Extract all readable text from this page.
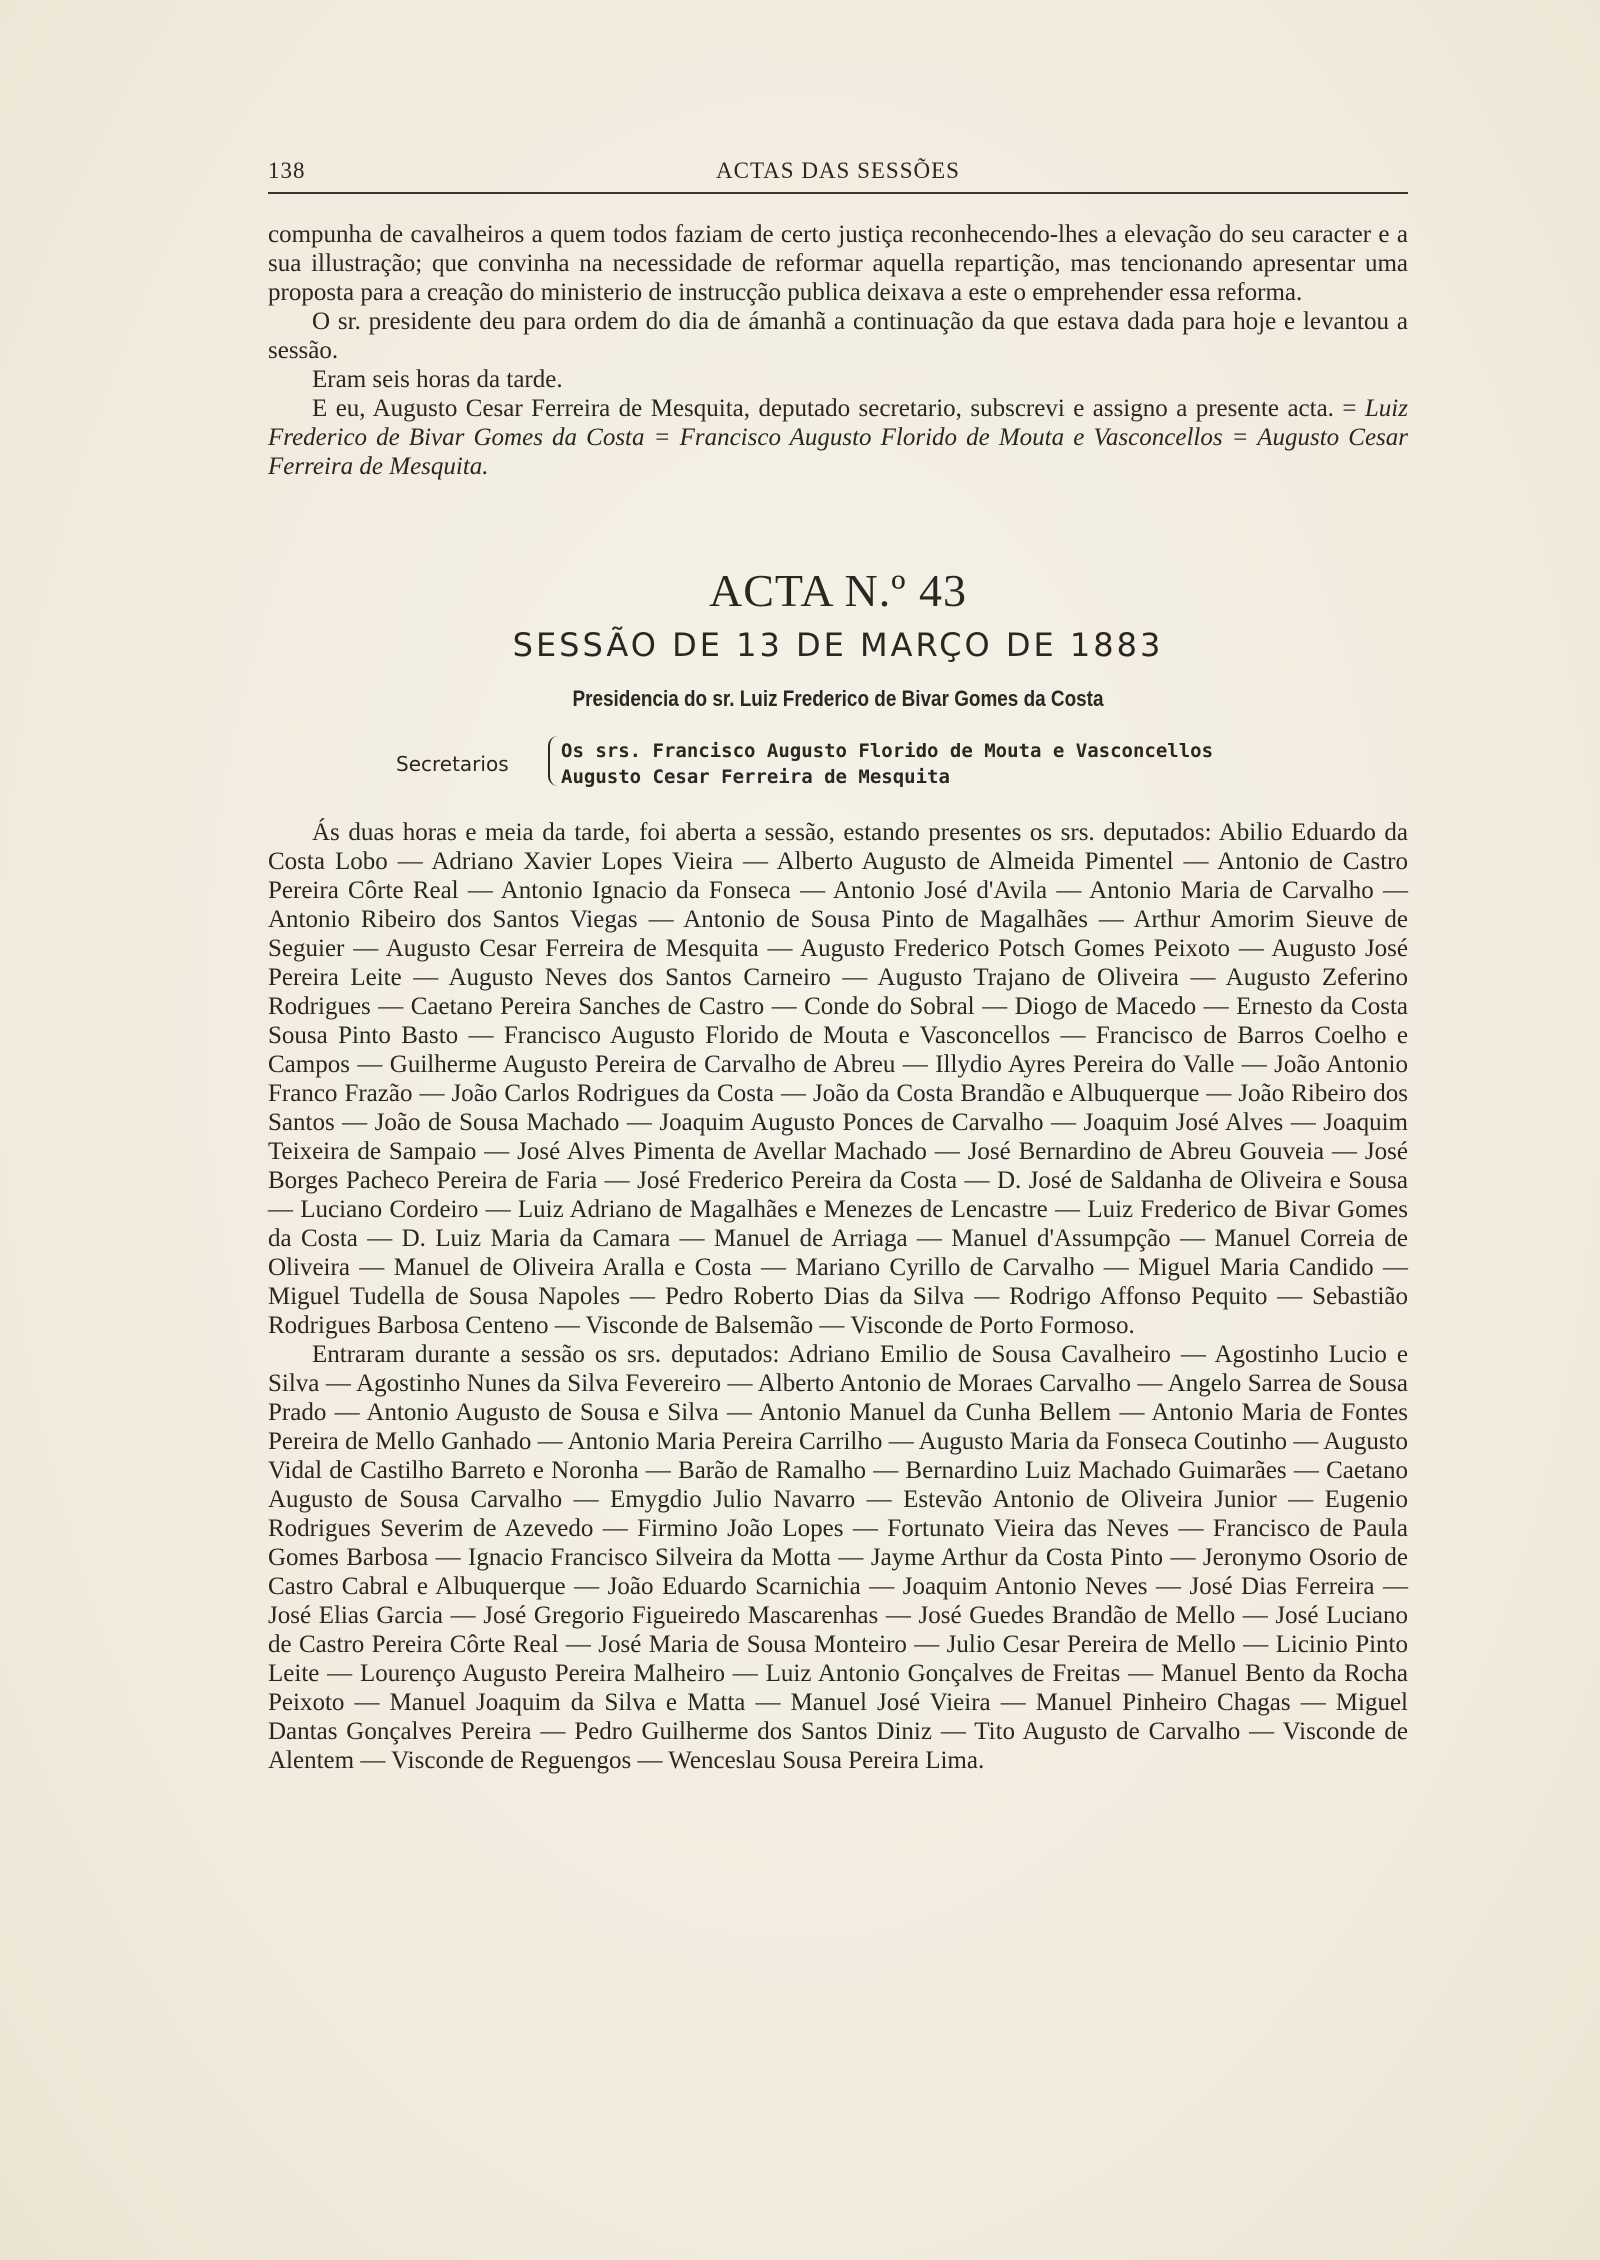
138	ACTAS DAS SESSÕES

compunha de cavalheiros a quem todos faziam de certo justiça reconhecendo-lhes a elevação do seu caracter e a sua illustração; que convinha na necessidade de reformar aquella repartição, mas tencionando apresentar uma proposta para a creação do ministerio de instrucção publica deixava a este o emprehender essa reforma.

O sr. presidente deu para ordem do dia de ámanhã a continuação da que estava dada para hoje e levantou a sessão.

Eram seis horas da tarde.

E eu, Augusto Cesar Ferreira de Mesquita, deputado secretario, subscrevi e assigno a presente acta. = Luiz Frederico de Bivar Gomes da Costa = Francisco Augusto Florido de Mouta e Vasconcellos = Augusto Cesar Ferreira de Mesquita.

ACTA N.º 43
SESSÃO DE 13 DE MARÇO DE 1883
Presidencia do sr. Luiz Frederico de Bivar Gomes da Costa
Secretarios
Os srs. Francisco Augusto Florido de Mouta e Vasconcellos
Augusto Cesar Ferreira de Mesquita

Ás duas horas e meia da tarde, foi aberta a sessão, estando presentes os srs. deputados: Abilio Eduardo da Costa Lobo — Adriano Xavier Lopes Vieira — Alberto Augusto de Almeida Pimentel — Antonio de Castro Pereira Côrte Real — Antonio Ignacio da Fonseca — Antonio José d'Avila — Antonio Maria de Carvalho — Antonio Ribeiro dos Santos Viegas — Antonio de Sousa Pinto de Magalhães — Arthur Amorim Sieuve de Seguier — Augusto Cesar Ferreira de Mesquita — Augusto Frederico Potsch Gomes Peixoto — Augusto José Pereira Leite — Augusto Neves dos Santos Carneiro — Augusto Trajano de Oliveira — Augusto Zeferino Rodrigues — Caetano Pereira Sanches de Castro — Conde do Sobral — Diogo de Macedo — Ernesto da Costa Sousa Pinto Basto — Francisco Augusto Florido de Mouta e Vasconcellos — Francisco de Barros Coelho e Campos — Guilherme Augusto Pereira de Carvalho de Abreu — Illydio Ayres Pereira do Valle — João Antonio Franco Frazão — João Carlos Rodrigues da Costa — João da Costa Brandão e Albuquerque — João Ribeiro dos Santos — João de Sousa Machado — Joaquim Augusto Ponces de Carvalho — Joaquim José Alves — Joaquim Teixeira de Sampaio — José Alves Pimenta de Avellar Machado — José Bernardino de Abreu Gouveia — José Borges Pacheco Pereira de Faria — José Frederico Pereira da Costa — D. José de Saldanha de Oliveira e Sousa — Luciano Cordeiro — Luiz Adriano de Magalhães e Menezes de Lencastre — Luiz Frederico de Bivar Gomes da Costa — D. Luiz Maria da Camara — Manuel de Arriaga — Manuel d'Assumpção — Manuel Correia de Oliveira — Manuel de Oliveira Aralla e Costa — Mariano Cyrillo de Carvalho — Miguel Maria Candido — Miguel Tudella de Sousa Napoles — Pedro Roberto Dias da Silva — Rodrigo Affonso Pequito — Sebastião Rodrigues Barbosa Centeno — Visconde de Balsemão — Visconde de Porto Formoso.

Entraram durante a sessão os srs. deputados: Adriano Emilio de Sousa Cavalheiro — Agostinho Lucio e Silva — Agostinho Nunes da Silva Fevereiro — Alberto Antonio de Moraes Carvalho — Angelo Sarrea de Sousa Prado — Antonio Augusto de Sousa e Silva — Antonio Manuel da Cunha Bellem — Antonio Maria de Fontes Pereira de Mello Ganhado — Antonio Maria Pereira Carrilho — Augusto Maria da Fonseca Coutinho — Augusto Vidal de Castilho Barreto e Noronha — Barão de Ramalho — Bernardino Luiz Machado Guimarães — Caetano Augusto de Sousa Carvalho — Emygdio Julio Navarro — Estevão Antonio de Oliveira Junior — Eugenio Rodrigues Severim de Azevedo — Firmino João Lopes — Fortunato Vieira das Neves — Francisco de Paula Gomes Barbosa — Ignacio Francisco Silveira da Motta — Jayme Arthur da Costa Pinto — Jeronymo Osorio de Castro Cabral e Albuquerque — João Eduardo Scarnichia — Joaquim Antonio Neves — José Dias Ferreira — José Elias Garcia — José Gregorio Figueiredo Mascarenhas — José Guedes Brandão de Mello — José Luciano de Castro Pereira Côrte Real — José Maria de Sousa Monteiro — Julio Cesar Pereira de Mello — Licinio Pinto Leite — Lourenço Augusto Pereira Malheiro — Luiz Antonio Gonçalves de Freitas — Manuel Bento da Rocha Peixoto — Manuel Joaquim da Silva e Matta — Manuel José Vieira — Manuel Pinheiro Chagas — Miguel Dantas Gonçalves Pereira — Pedro Guilherme dos Santos Diniz — Tito Augusto de Carvalho — Visconde de Alentem — Visconde de Reguengos — Wenceslau Sousa Pereira Lima.
